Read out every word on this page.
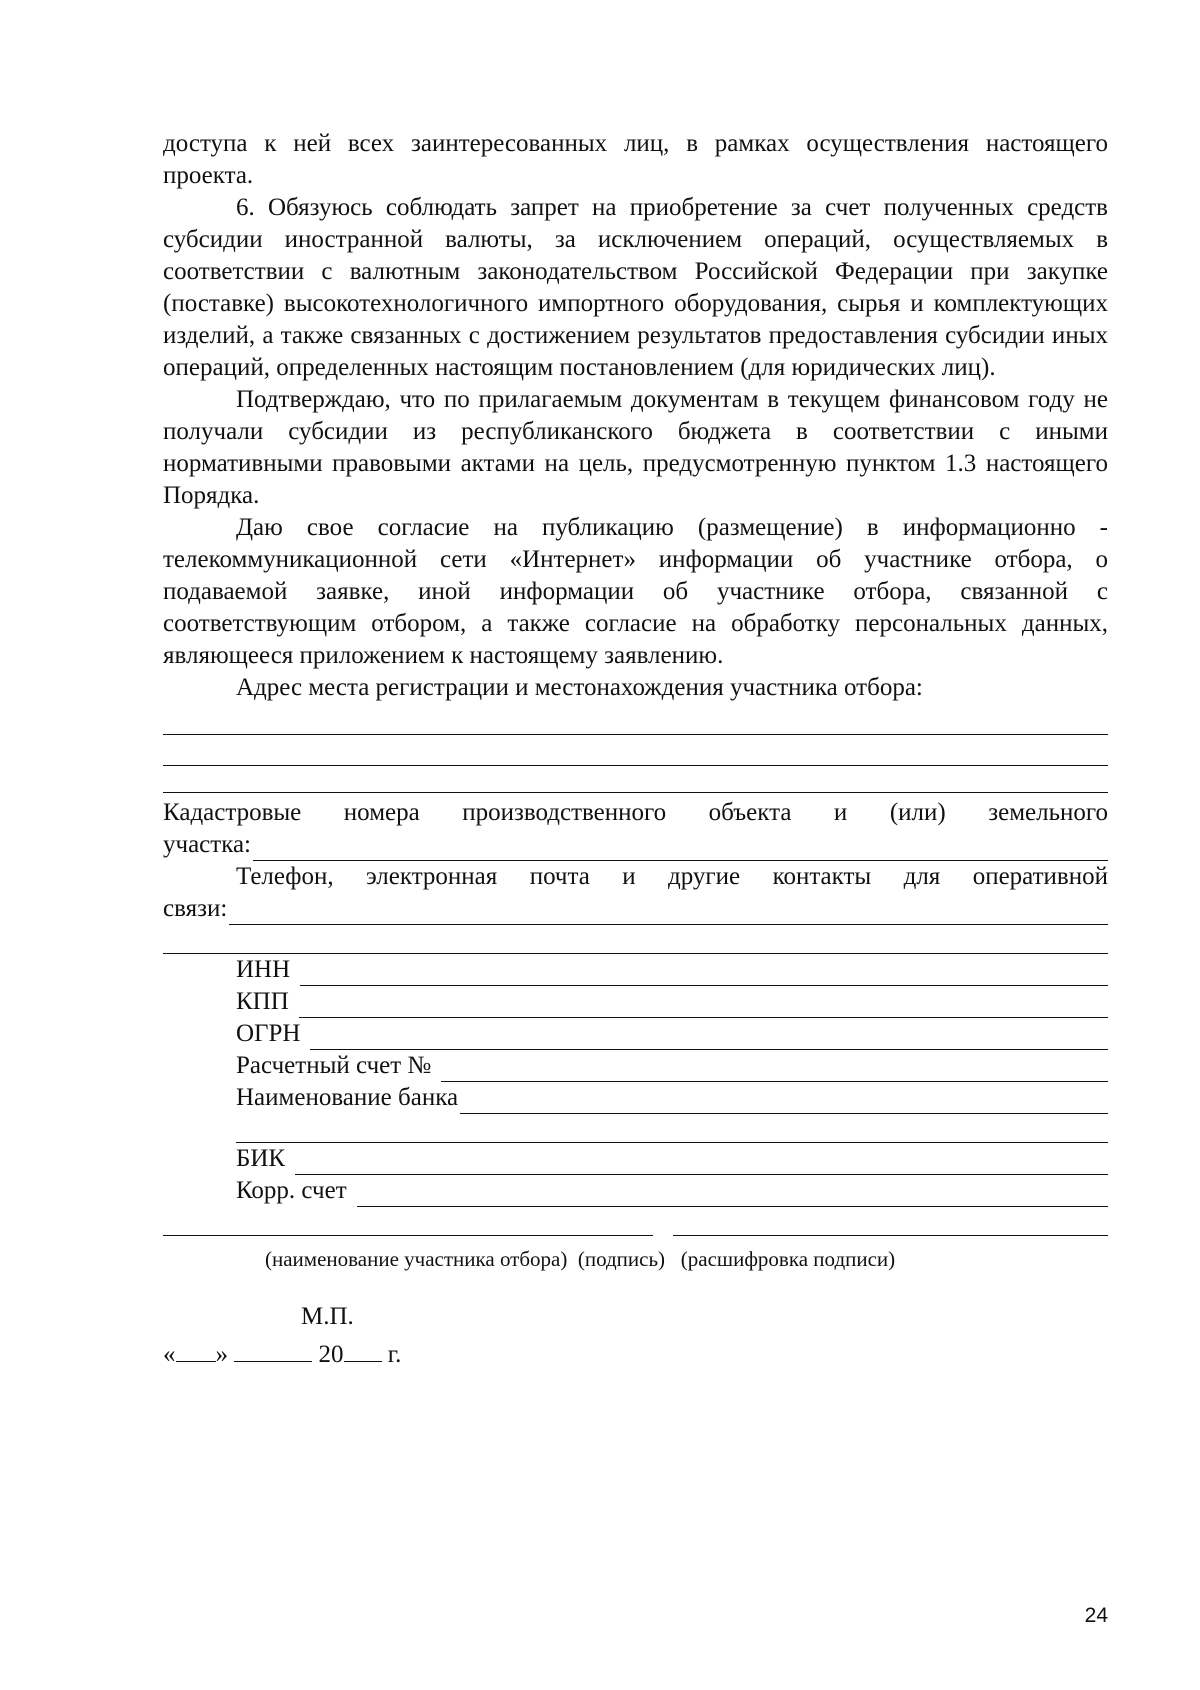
доступа к ней всех заинтересованных лиц, в рамках осуществления настоящего проекта.

6. Обязуюсь соблюдать запрет на приобретение за счет полученных средств субсидии иностранной валюты, за исключением операций, осуществляемых в соответствии с валютным законодательством Российской Федерации при закупке (поставке) высокотехнологичного импортного оборудования, сырья и комплектующих изделий, а также связанных с достижением результатов предоставления субсидии иных операций, определенных настоящим постановлением (для юридических лиц).

Подтверждаю, что по прилагаемым документам в текущем финансовом году не получали субсидии из республиканского бюджета в соответствии с иными нормативными правовыми актами на цель, предусмотренную пунктом 1.3 настоящего Порядка.

Даю свое согласие на публикацию (размещение) в информационно - телекоммуникационной сети «Интернет» информации об участнике отбора, о подаваемой заявке, иной информации об участнике отбора, связанной с соответствующим отбором, а также согласие на обработку персональных данных, являющееся приложением к настоящему заявлению.

Адрес места регистрации и местонахождения участника отбора:

Кадастровые номера производственного объекта и (или) земельного

участка:

Телефон, электронная почта и другие контакты для оперативной

связи:
ИНН
КПП
ОГРН
Расчетный счет №
Наименование банка
БИК
Корр. счет

(наименование участника отбора)  (подпись)   (расшифровка подписи)

М.П.

« »	20 г.

24
